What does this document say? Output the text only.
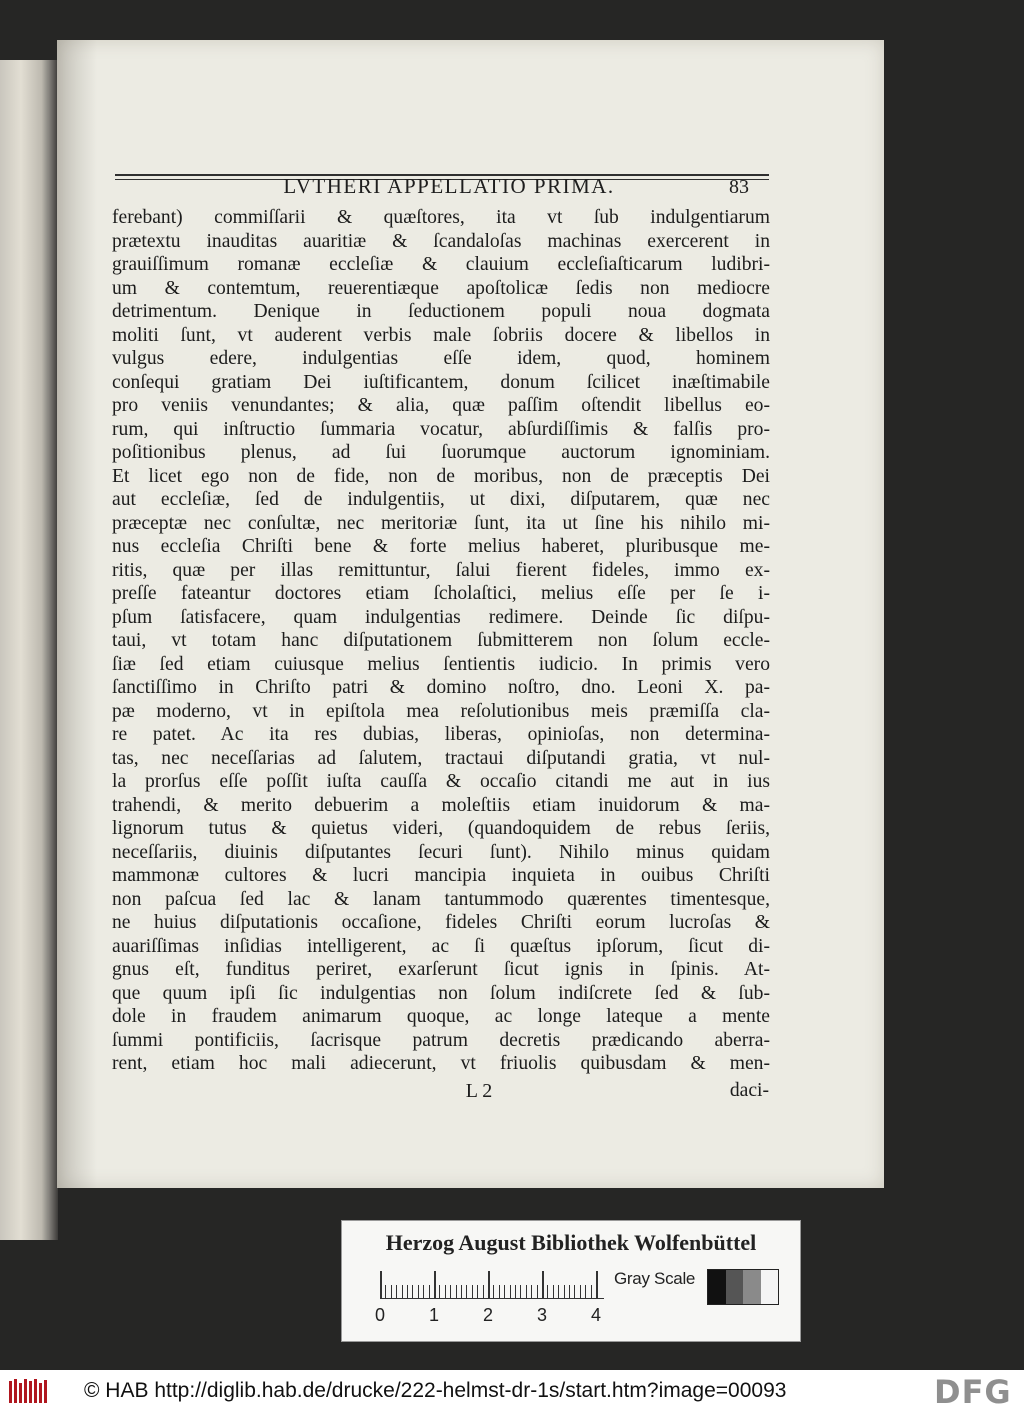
LVTHERI APPELLATIO PRIMA.	83
ferebant) commiſſarii & quæſtores, ita vt ſub indulgentiarum
prætextu inauditas auaritiæ & ſcandaloſas machinas exercerent in
grauiſſimum romanæ eccleſiæ & clauium eccleſiaſticarum ludibri-
um & contemtum, reuerentiæque apoſtolicæ ſedis non mediocre
detrimentum. Denique in ſeductionem populi noua dogmata
moliti ſunt, vt auderent verbis male ſobriis docere & libellos in
vulgus edere, indulgentias eſſe idem, quod, hominem
conſequi gratiam Dei iuſtificantem, donum ſcilicet inæſtimabile
pro veniis venundantes; & alia, quæ paſſim oſtendit libellus eo-
rum, qui inſtructio ſummaria vocatur, abſurdiſſimis & falſis pro-
poſitionibus plenus, ad ſui ſuorumque auctorum ignominiam.
Et licet ego non de fide, non de moribus, non de præceptis Dei
aut eccleſiæ, ſed de indulgentiis, ut dixi, diſputarem, quæ nec
præceptæ nec conſultæ, nec meritoriæ ſunt, ita ut ſine his nihilo mi-
nus eccleſia Chriſti bene & forte melius haberet, pluribusque me-
ritis, quæ per illas remittuntur, ſalui fierent fideles, immo ex-
preſſe fateantur doctores etiam ſcholaſtici, melius eſſe per ſe i-
pſum ſatisfacere, quam indulgentias redimere. Deinde ſic diſpu-
taui, vt totam hanc diſputationem ſubmitterem non ſolum eccle-
ſiæ ſed etiam cuiusque melius ſentientis iudicio. In primis vero
ſanctiſſimo in Chriſto patri & domino noſtro, dno. Leoni X. pa-
pæ moderno, vt in epiſtola mea reſolutionibus meis præmiſſa cla-
re patet. Ac ita res dubias, liberas, opinioſas, non determina-
tas, nec neceſſarias ad ſalutem, tractaui diſputandi gratia, vt nul-
la prorſus eſſe poſſit iuſta cauſſa & occaſio citandi me aut in ius
trahendi, & merito debuerim a moleſtiis etiam inuidorum & ma-
lignorum tutus & quietus videri, (quandoquidem de rebus ſeriis,
neceſſariis, diuinis diſputantes ſecuri ſunt). Nihilo minus quidam
mammonæ cultores & lucri mancipia inquieta in ouibus Chriſti
non paſcua ſed lac & lanam tantummodo quærentes timentesque,
ne huius diſputationis occaſione, fideles Chriſti eorum lucroſas &
auariſſimas inſidias intelligerent, ac ſi quæſtus ipſorum, ſicut di-
gnus eſt, funditus periret, exarſerunt ſicut ignis in ſpinis. At-
que quum ipſi ſic indulgentias non ſolum indiſcrete ſed & ſub-
dole in fraudem animarum quoque, ac longe lateque a mente
ſummi pontificiis, ſacrisque patrum decretis prædicando aberra-
rent, etiam hoc mali adiecerunt, vt friuolis quibusdam & men-
L 2	daci-
Herzog August Bibliothek Wolfenbüttel
0 1 2 3 4
Gray Scale
© HAB http://diglib.hab.de/drucke/222-helmst-dr-1s/start.htm?image=00093	DFG
